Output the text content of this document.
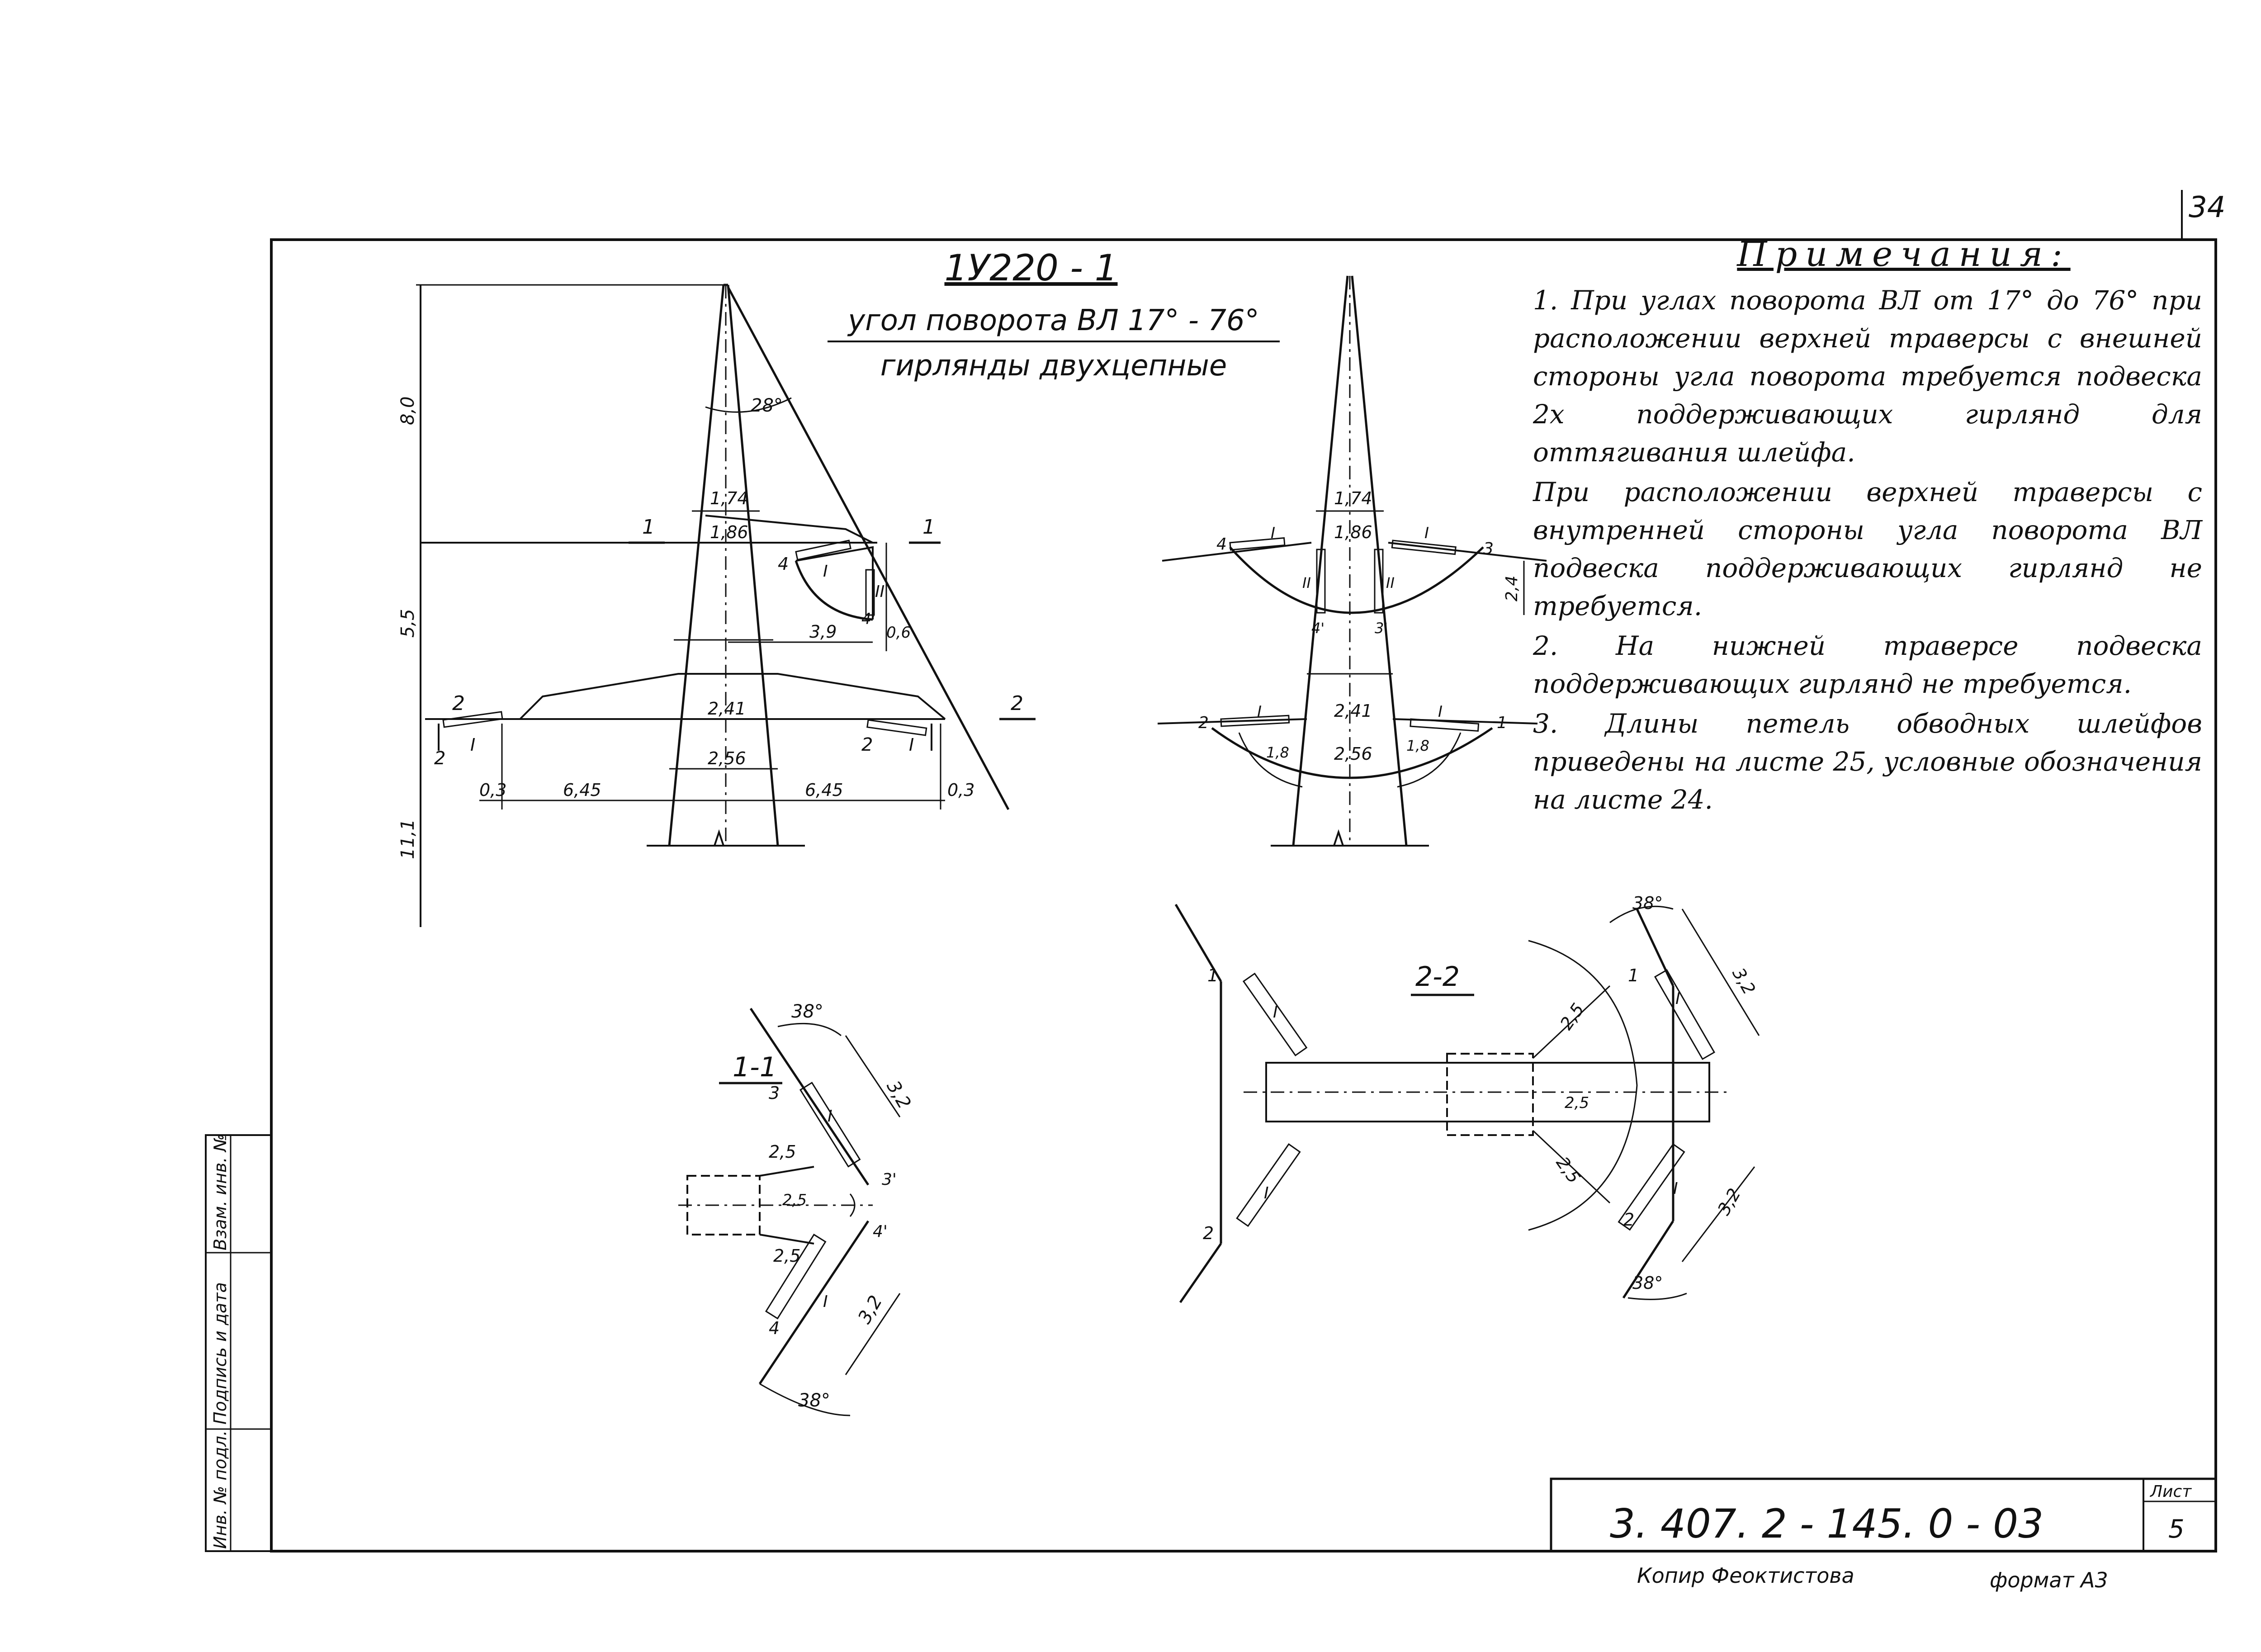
34
1У220 - 1
угол поворота ВЛ 17° - 76°
гирлянды двухцепные
28°
1,74
1,86
2,41
2,56
4 I
II
4'
3,9	0,6
2
I	2 I
0,3	6,45	6,45	0,3
8,0
5,5
11,1
1	1
2	2
1,74
1,86
2,41
2,56
4
I	I
3
II	II
4'	3'
2,4
2
I	I
1
1,8	1,8
1-1
38°
38°
3,2
3,2
2,5
2,5
2,5
3
I
3'
4'
I
4
2-2
38°
38°
2,5
2,5
2,5
3,2
3,2
1
I
2
I
1
I
2
I
Инв. № подл.
Подпись и дата
Взам. инв. №
3. 407. 2 - 145. 0 - 03
Лист
5
Копир Феоктистова	формат А3
Примечания:
1. При углах поворота ВЛ от 17° до 76° при расположении верхней траверсы с внешней стороны угла поворота требуется подвеска 2х поддерживающих гирлянд для оттягивания шлейфа.
При расположении верхней траверсы с внутренней стороны угла поворота ВЛ подвеска поддерживающих гирлянд не требуется.
2. На нижней траверсе подвеска поддерживающих гирлянд не требуется.
3. Длины петель обводных шлейфов приведены на листе 25, условные обозначения на листе 24.
